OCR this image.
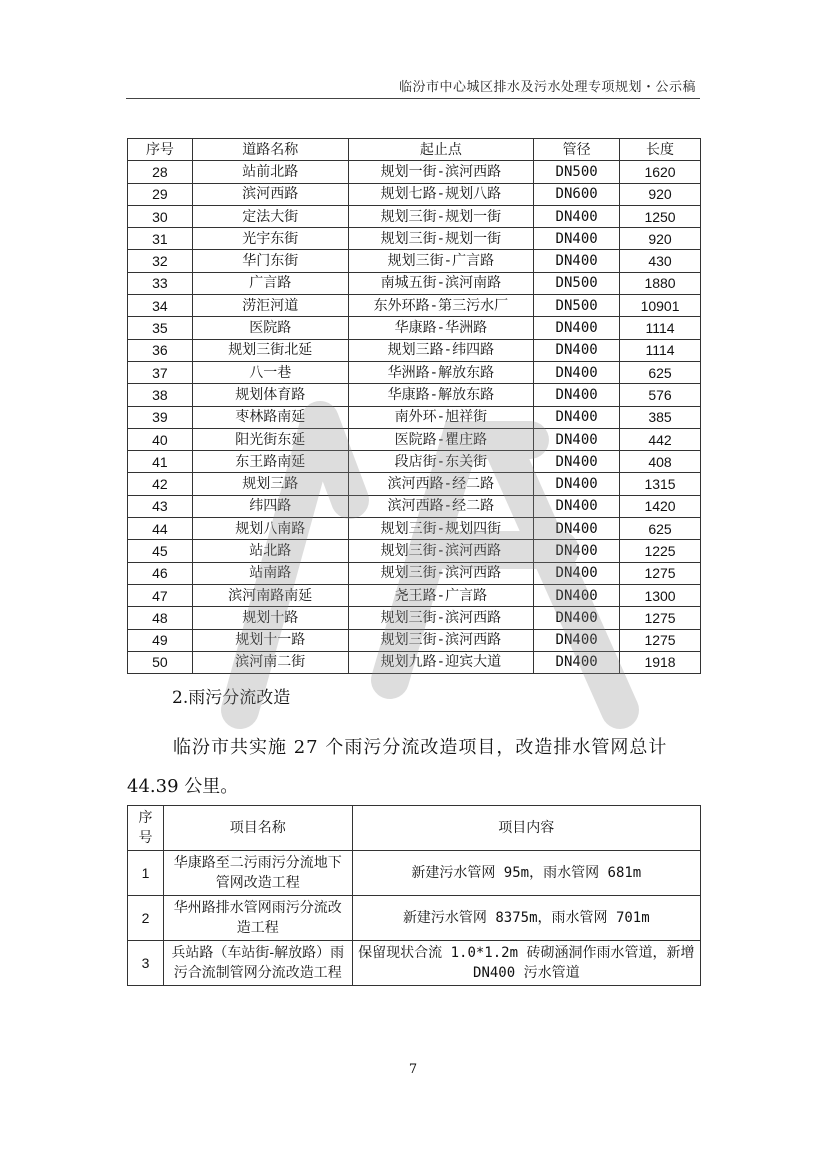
临汾市中心城区排水及污水处理专项规划・公示稿
序号	道路名称	起止点	管径	长度
28	站前北路	规划一街-滨河西路	DN500	1620
29	滨河西路	规划七路-规划八路	DN600	920
30	定法大街	规划三街-规划一街	DN400	1250
31	光宇东街	规划三街-规划一街	DN400	920
32	华门东街	规划三街-广言路	DN400	430
33	广言路	南城五街-滨河南路	DN500	1880
34	涝洰河道	东外环路-第三污水厂	DN500	10901
35	医院路	华康路-华洲路	DN400	1114
36	规划三街北延	规划三路-纬四路	DN400	1114
37	八一巷	华洲路-解放东路	DN400	625
38	规划体育路	华康路-解放东路	DN400	576
39	枣林路南延	南外环-旭祥街	DN400	385
40	阳光街东延	医院路-瞿庄路	DN400	442
41	东王路南延	段店街-东关街	DN400	408
42	规划三路	滨河西路-经二路	DN400	1315
43	纬四路	滨河西路-经二路	DN400	1420
44	规划八南路	规划三街-规划四街	DN400	625
45	站北路	规划三街-滨河西路	DN400	1225
46	站南路	规划三街-滨河西路	DN400	1275
47	滨河南路南延	尧王路-广言路	DN400	1300
48	规划十路	规划三街-滨河西路	DN400	1275
49	规划十一路	规划三街-滨河西路	DN400	1275
50	滨河南二街	规划九路-迎宾大道	DN400	1918
2.雨污分流改造
临汾市共实施 27 个雨污分流改造项目，改造排水管网总计
44.39 公里。
序号	项目名称	项目内容
1	华康路至二污雨污分流地下管网改造工程	新建污水管网 95m，雨水管网 681m
2	华州路排水管网雨污分流改造工程	新建污水管网 8375m，雨水管网 701m
3	兵站路（车站街-解放路）雨污合流制管网分流改造工程	保留现状合流 1.0*1.2m 砖砌涵洞作雨水管道，新增 DN400 污水管道
7
